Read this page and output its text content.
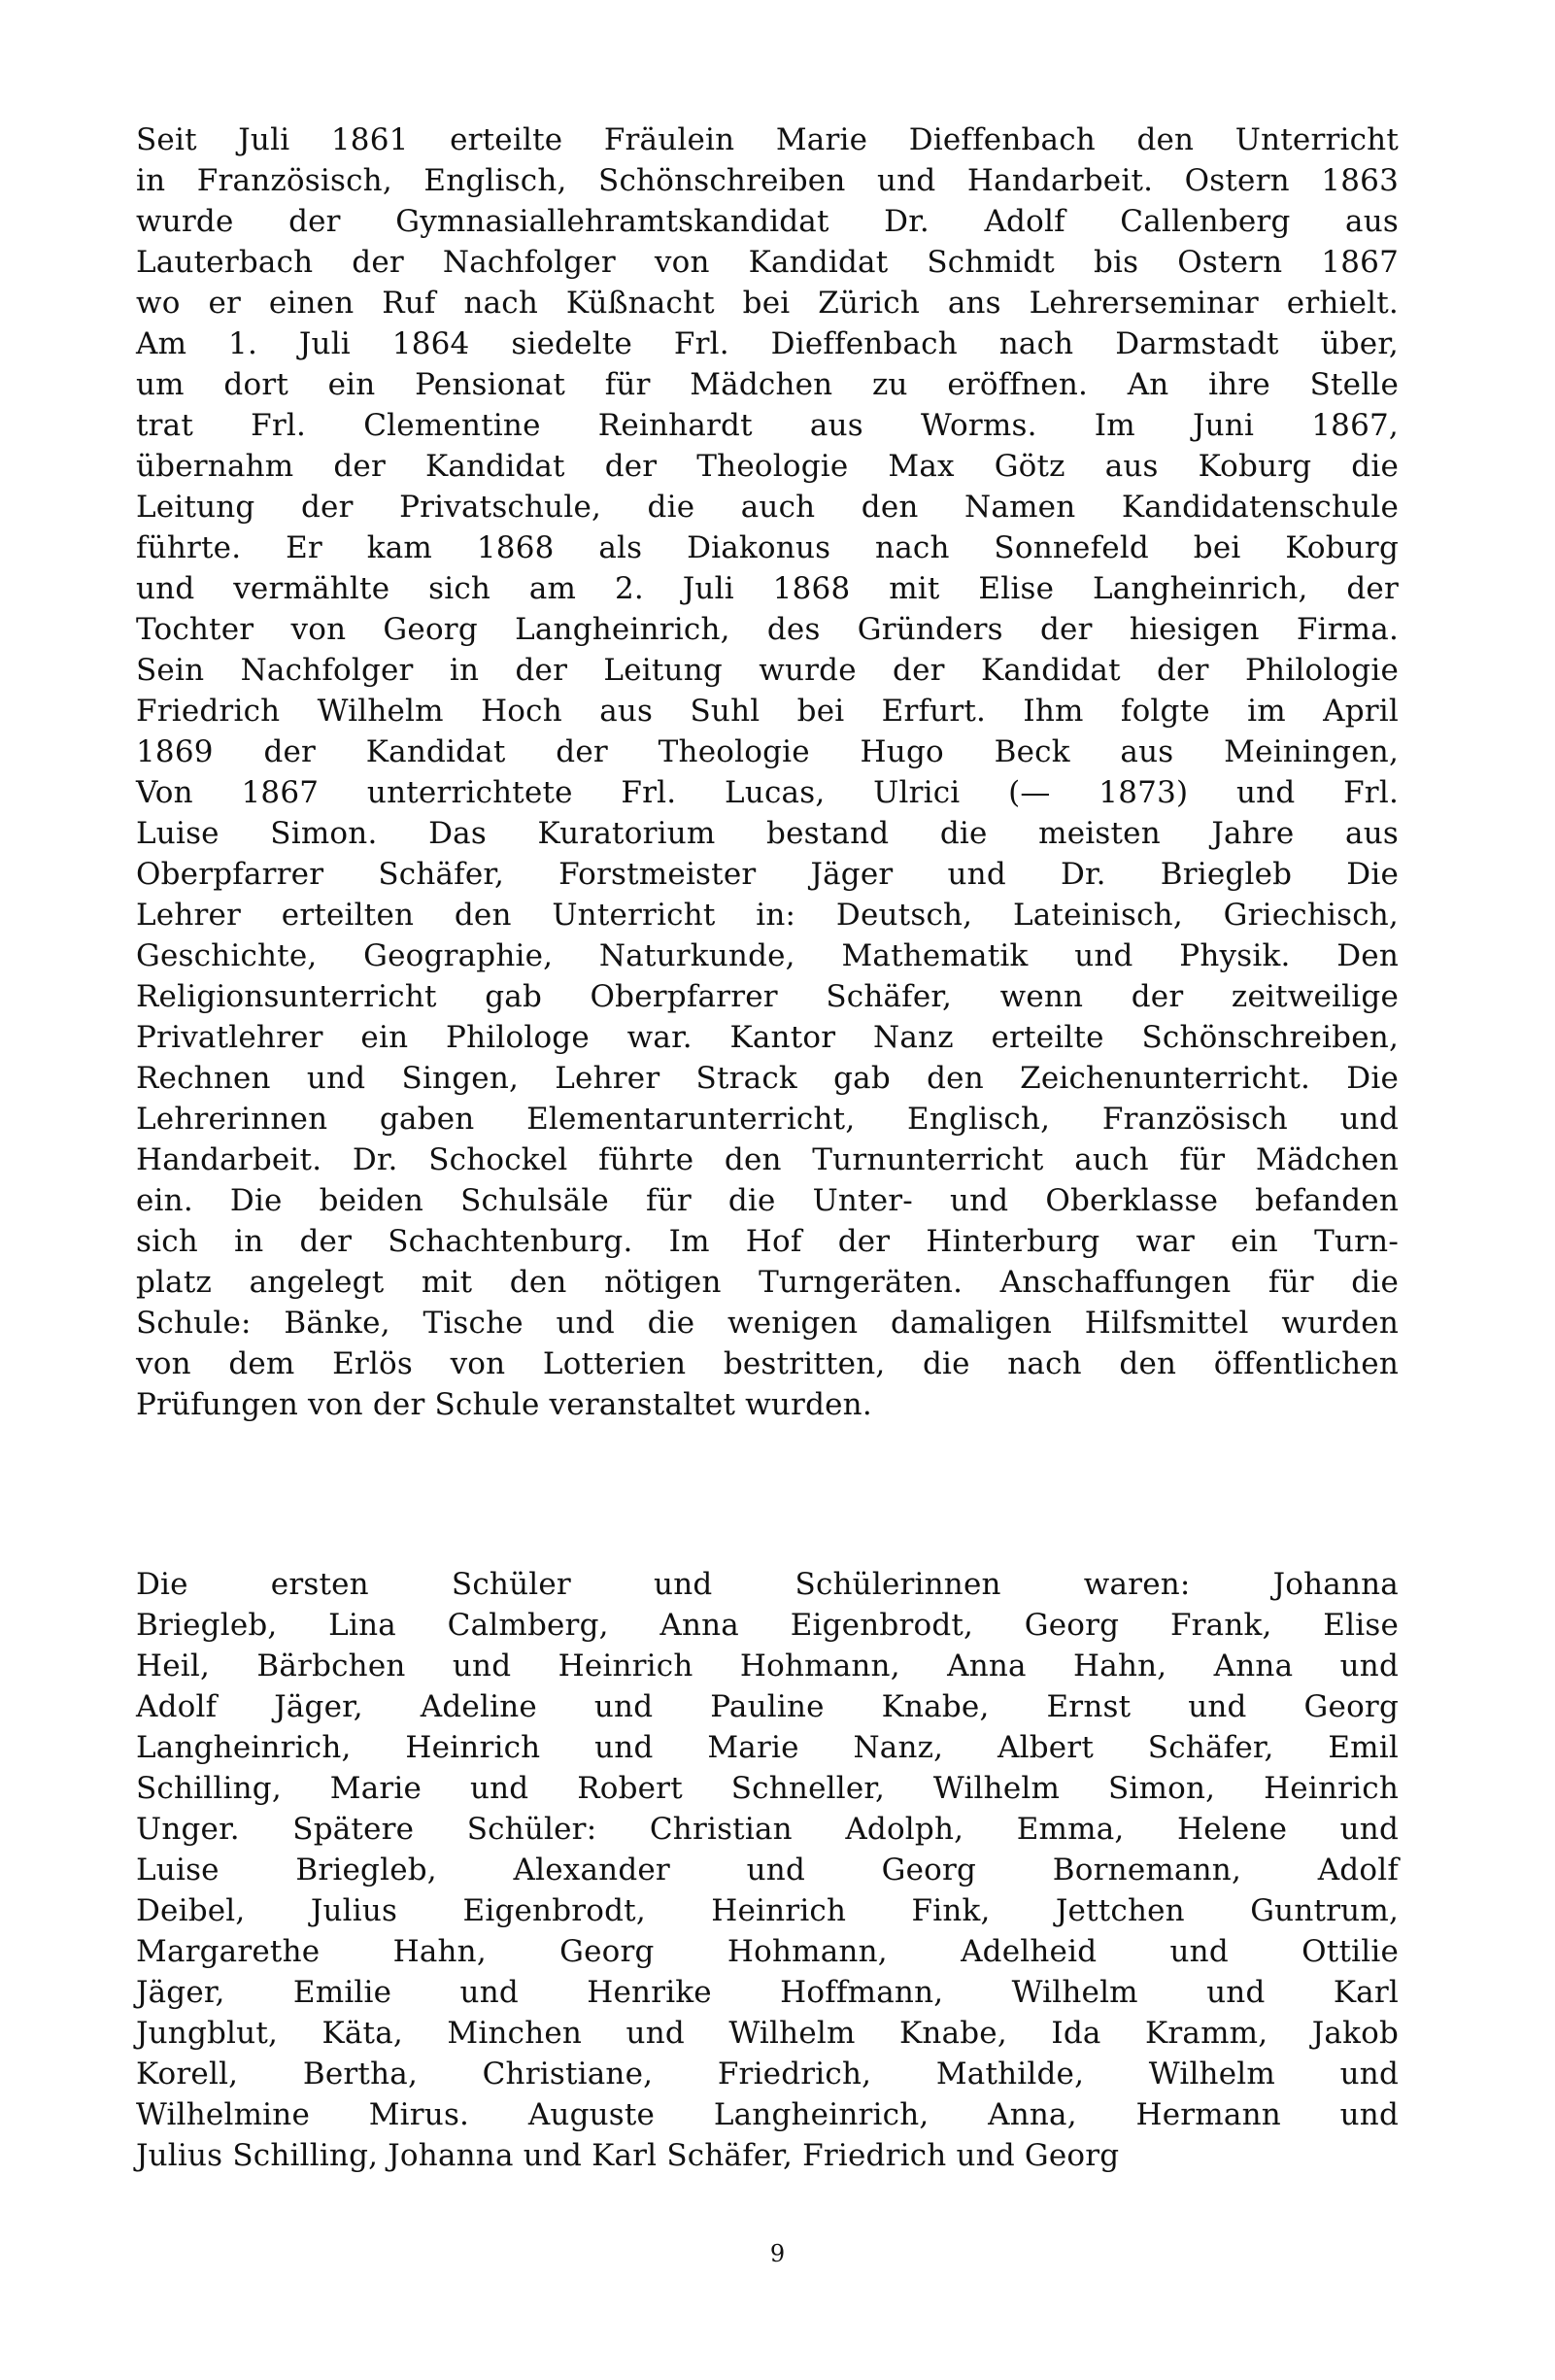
Seit Juli 1861 erteilte Fräulein Marie Dieffenbach den Unterricht
in Französisch, Englisch, Schönschreiben und Handarbeit. Ostern 1863
wurde der Gymnasiallehramtskandidat Dr. Adolf Callenberg aus
Lauterbach der Nachfolger von Kandidat Schmidt bis Ostern 1867
wo er einen Ruf nach Küßnacht bei Zürich ans Lehrerseminar erhielt.
Am 1. Juli 1864 siedelte Frl. Dieffenbach nach Darmstadt über,
um dort ein Pensionat für Mädchen zu eröffnen. An ihre Stelle
trat Frl. Clementine Reinhardt aus Worms. Im Juni 1867,
übernahm der Kandidat der Theologie Max Götz aus Koburg die
Leitung der Privatschule, die auch den Namen Kandidatenschule
führte. Er kam 1868 als Diakonus nach Sonnefeld bei Koburg
und vermählte sich am 2. Juli 1868 mit Elise Langheinrich, der
Tochter von Georg Langheinrich, des Gründers der hiesigen Firma.
Sein Nachfolger in der Leitung wurde der Kandidat der Philologie
Friedrich Wilhelm Hoch aus Suhl bei Erfurt. Ihm folgte im April
1869 der Kandidat der Theologie Hugo Beck aus Meiningen,
Von 1867 unterrichtete Frl. Lucas, Ulrici (— 1873) und Frl.
Luise Simon. Das Kuratorium bestand die meisten Jahre aus
Oberpfarrer Schäfer, Forstmeister Jäger und Dr. Briegleb Die
Lehrer erteilten den Unterricht in: Deutsch, Lateinisch, Griechisch,
Geschichte, Geographie, Naturkunde, Mathematik und Physik. Den
Religionsunterricht gab Oberpfarrer Schäfer, wenn der zeitweilige
Privatlehrer ein Philologe war. Kantor Nanz erteilte Schönschreiben,
Rechnen und Singen, Lehrer Strack gab den Zeichenunterricht. Die
Lehrerinnen gaben Elementarunterricht, Englisch, Französisch und
Handarbeit. Dr. Schockel führte den Turnunterricht auch für Mädchen
ein. Die beiden Schulsäle für die Unter- und Oberklasse befanden
sich in der Schachtenburg. Im Hof der Hinterburg war ein Turn-
platz angelegt mit den nötigen Turngeräten. Anschaffungen für die
Schule: Bänke, Tische und die wenigen damaligen Hilfsmittel wurden
von dem Erlös von Lotterien bestritten, die nach den öffentlichen
Prüfungen von der Schule veranstaltet wurden.
Die ersten Schüler und Schülerinnen waren: Johanna
Briegleb, Lina Calmberg, Anna Eigenbrodt, Georg Frank, Elise
Heil, Bärbchen und Heinrich Hohmann, Anna Hahn, Anna und
Adolf Jäger, Adeline und Pauline Knabe, Ernst und Georg
Langheinrich, Heinrich und Marie Nanz, Albert Schäfer, Emil
Schilling, Marie und Robert Schneller, Wilhelm Simon, Heinrich
Unger. Spätere Schüler: Christian Adolph, Emma, Helene und
Luise Briegleb, Alexander und Georg Bornemann, Adolf
Deibel, Julius Eigenbrodt, Heinrich Fink, Jettchen Guntrum,
Margarethe Hahn, Georg Hohmann, Adelheid und Ottilie
Jäger, Emilie und Henrike Hoffmann, Wilhelm und Karl
Jungblut, Käta, Minchen und Wilhelm Knabe, Ida Kramm, Jakob
Korell, Bertha, Christiane, Friedrich, Mathilde, Wilhelm und
Wilhelmine Mirus. Auguste Langheinrich, Anna, Hermann und
Julius Schilling, Johanna und Karl Schäfer, Friedrich und Georg
9
